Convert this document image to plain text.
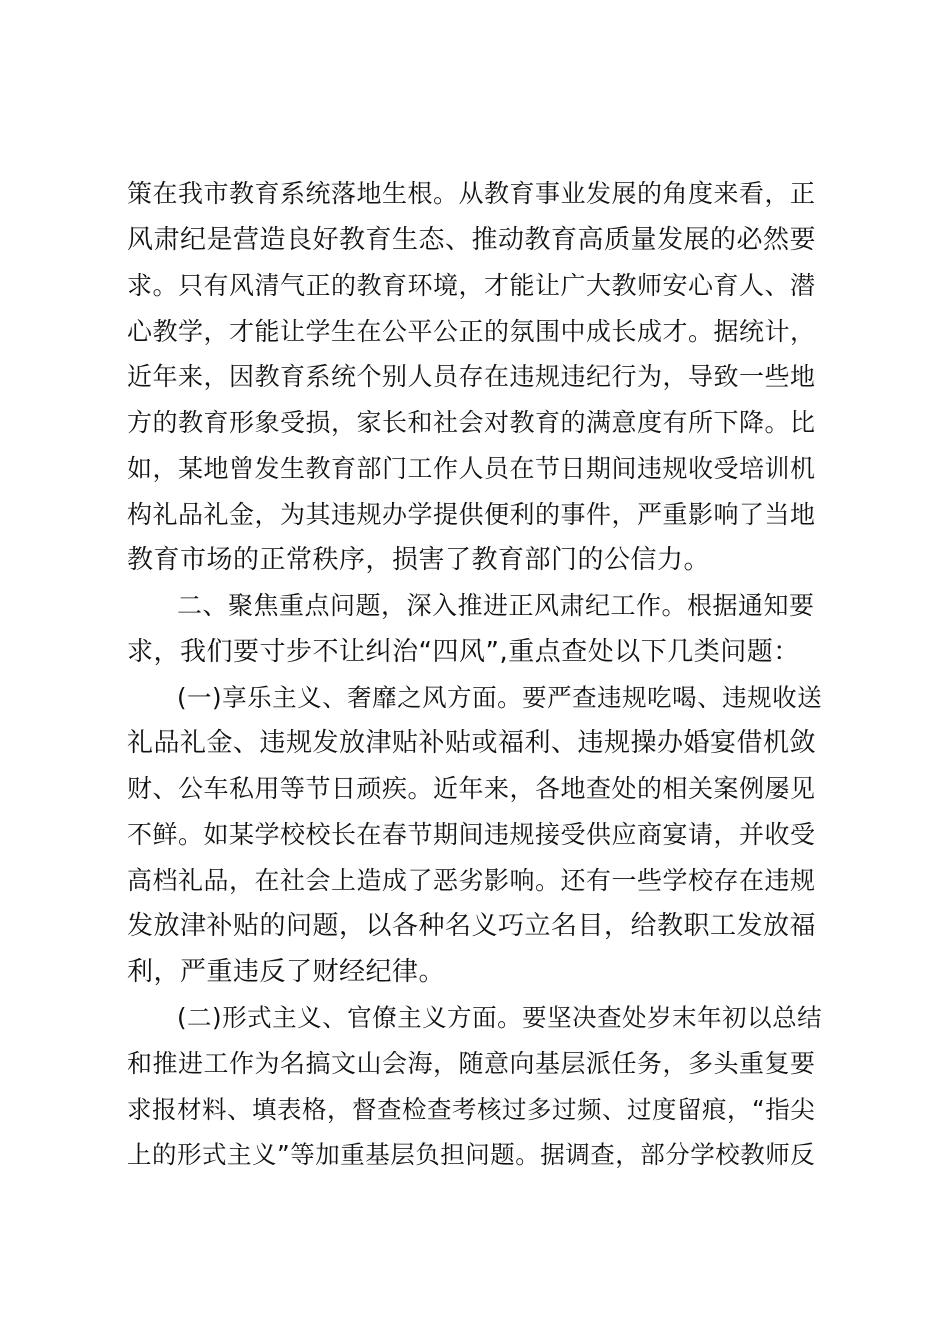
策在我市教育系统落地生根。从教育事业发展的角度来看，正
风肃纪是营造良好教育生态、推动教育高质量发展的必然要
求。只有风清气正的教育环境，才能让广大教师安心育人、潜
心教学，才能让学生在公平公正的氛围中成长成才。据统计，
近年来，因教育系统个别人员存在违规违纪行为，导致一些地
方的教育形象受损，家长和社会对教育的满意度有所下降。比
如，某地曾发生教育部门工作人员在节日期间违规收受培训机
构礼品礼金，为其违规办学提供便利的事件，严重影响了当地
教育市场的正常秩序，损害了教育部门的公信力。
二、聚焦重点问题，深入推进正风肃纪工作。根据通知要
求，我们要寸步不让纠治“四风”,重点查处以下几类问题：
(一)享乐主义、奢靡之风方面。要严查违规吃喝、违规收送
礼品礼金、违规发放津贴补贴或福利、违规操办婚宴借机敛
财、公车私用等节日顽疾。近年来，各地查处的相关案例屡见
不鲜。如某学校校长在春节期间违规接受供应商宴请，并收受
高档礼品，在社会上造成了恶劣影响。还有一些学校存在违规
发放津补贴的问题，以各种名义巧立名目，给教职工发放福
利，严重违反了财经纪律。
(二)形式主义、官僚主义方面。要坚决查处岁末年初以总结
和推进工作为名搞文山会海，随意向基层派任务，多头重复要
求报材料、填表格，督查检查考核过多过频、过度留痕，“指尖
上的形式主义”等加重基层负担问题。据调查，部分学校教师反
